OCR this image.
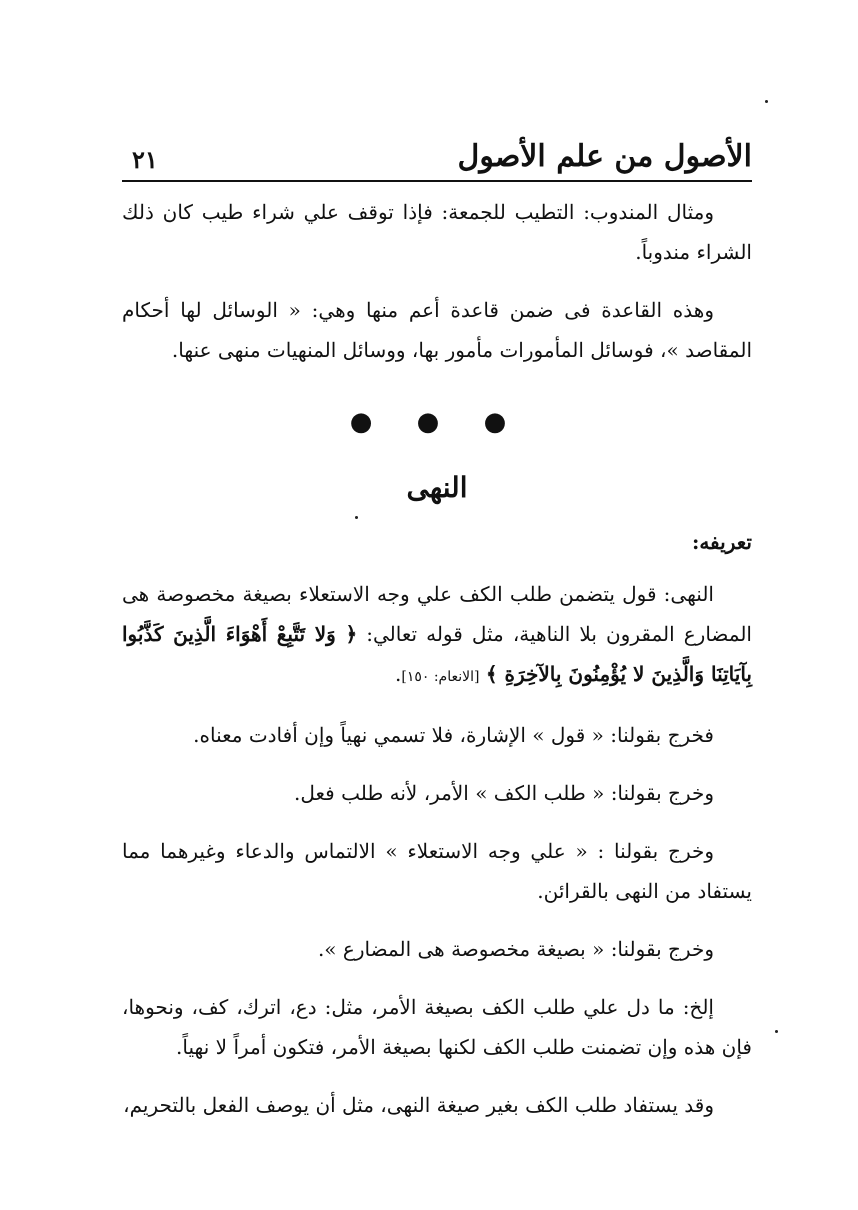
الأصول من علم الأصول
٢١

ومثال المندوب: التطيب للجمعة: فإذا توقف علي شراء طيب كان ذلك الشراء مندوباً.

وهذه القاعدة فى ضمن قاعدة أعم منها وهي: « الوسائل لها أحكام المقاصد »، فوسائل المأمورات مأمور بها، ووسائل المنهيات منهى عنها.

● ● ●
النهى
تعريفه:

النهى: قول يتضمن طلب الكف علي وجه الاستعلاء بصيغة مخصوصة هى المضارع المقرون بلا الناهية، مثل قوله تعالي: ﴿ وَلا تَتَّبِعْ أَهْوَاءَ الَّذِينَ كَذَّبُوا بِآيَاتِنَا وَالَّذِينَ لا يُؤْمِنُونَ بِالآخِرَةِ ﴾ [الانعام: ١٥٠].

فخرج بقولنا: « قول » الإشارة، فلا تسمي نهياً وإن أفادت معناه.

وخرج بقولنا: « طلب الكف » الأمر، لأنه طلب فعل.

وخرج بقولنا : « علي وجه الاستعلاء » الالتماس والدعاء وغيرهما مما يستفاد من النهى بالقرائن.

وخرج بقولنا: « بصيغة مخصوصة هى المضارع ».

إلخ: ما دل علي طلب الكف بصيغة الأمر، مثل: دع، اترك، كف، ونحوها، فإن هذه وإن تضمنت طلب الكف لكنها بصيغة الأمر، فتكون أمراً لا نهياً.

وقد يستفاد طلب الكف بغير صيغة النهى، مثل أن يوصف الفعل بالتحريم،
